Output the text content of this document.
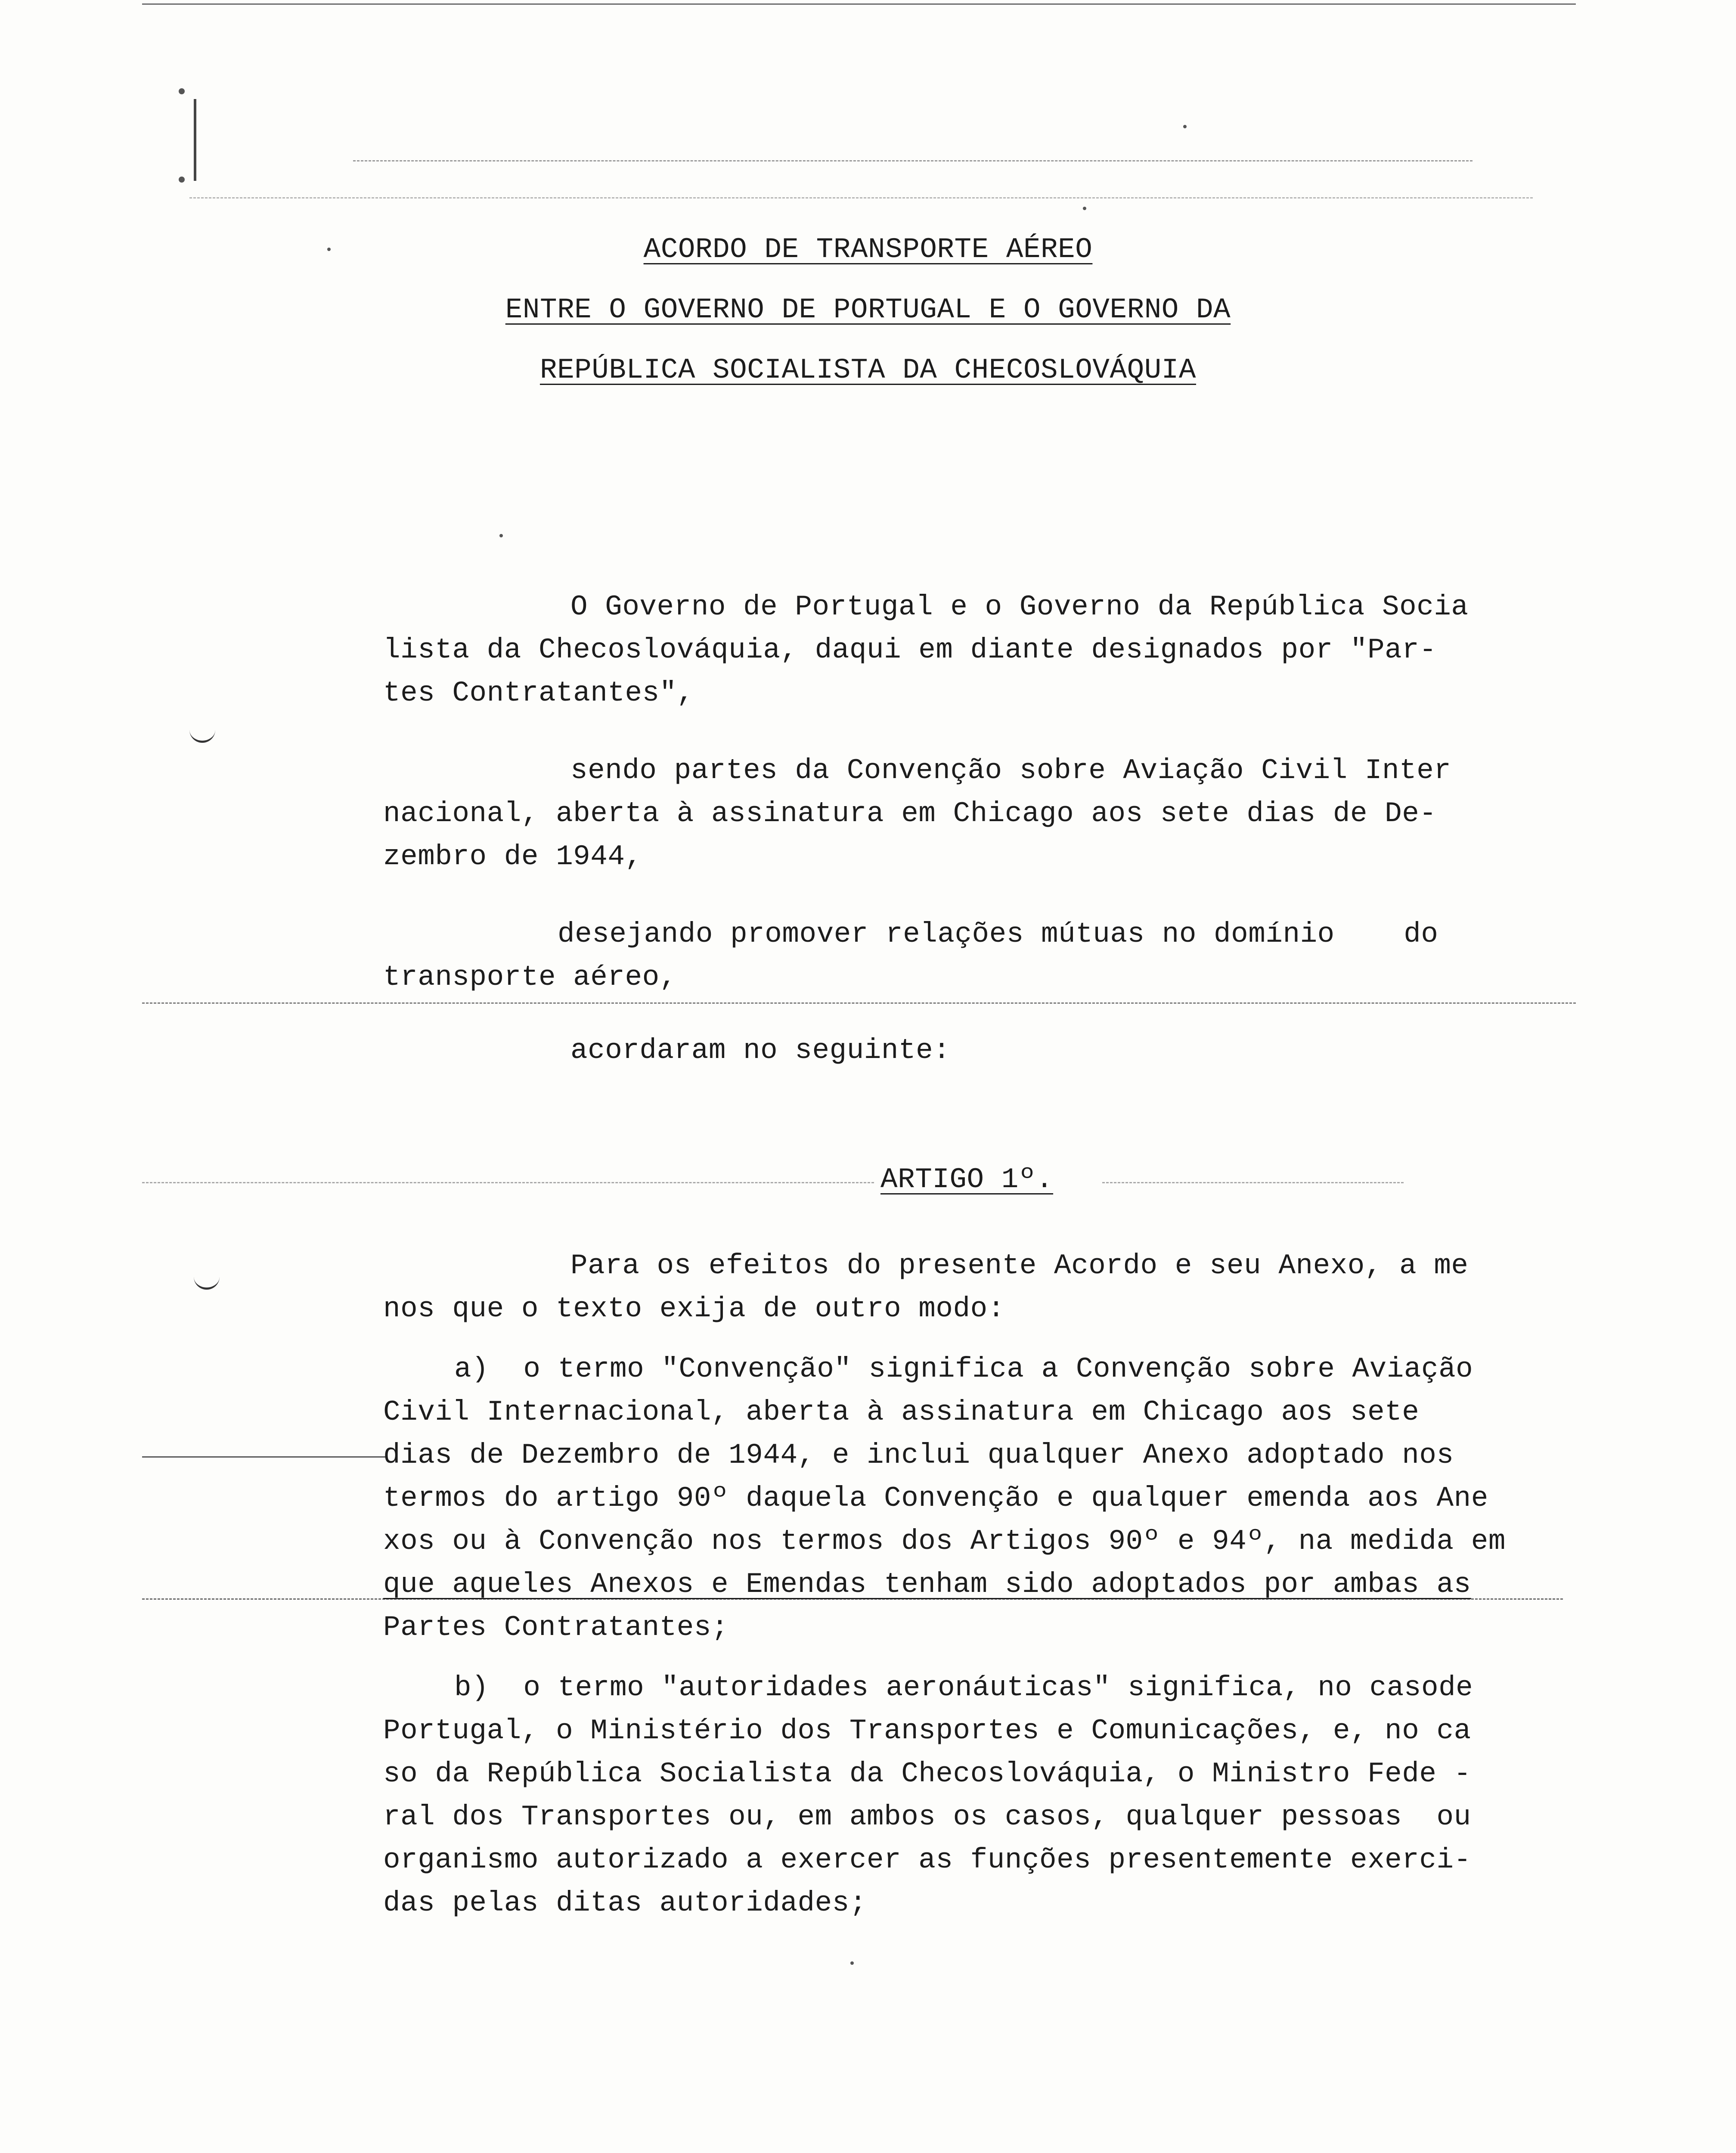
ACORDO DE TRANSPORTE AÉREO
ENTRE O GOVERNO DE PORTUGAL E O GOVERNO DA
REPÚBLICA SOCIALISTA DA CHECOSLOVÁQUIA
O Governo de Portugal e o Governo da República Socia
lista da Checoslováquia, daqui em diante designados por "Par-
tes Contratantes",
sendo partes da Convenção sobre Aviação Civil Inter
nacional, aberta à assinatura em Chicago aos sete dias de De-
zembro de 1944,
desejando promover relações mútuas no domínio    do
transporte aéreo,
acordaram no seguinte:
ARTIGO 1º.
Para os efeitos do presente Acordo e seu Anexo, a me
nos que o texto exija de outro modo:
a)  o termo "Convenção" significa a Convenção sobre Aviação
Civil Internacional, aberta à assinatura em Chicago aos sete
dias de Dezembro de 1944, e inclui qualquer Anexo adoptado nos
termos do artigo 90º daquela Convenção e qualquer emenda aos Ane
xos ou à Convenção nos termos dos Artigos 90º e 94º, na medida em
que aqueles Anexos e Emendas tenham sido adoptados por ambas as
Partes Contratantes;
b)  o termo "autoridades aeronáuticas" significa, no casode
Portugal, o Ministério dos Transportes e Comunicações, e, no ca
so da República Socialista da Checoslováquia, o Ministro Fede -
ral dos Transportes ou, em ambos os casos, qualquer pessoas  ou
organismo autorizado a exercer as funções presentemente exerci-
das pelas ditas autoridades;
